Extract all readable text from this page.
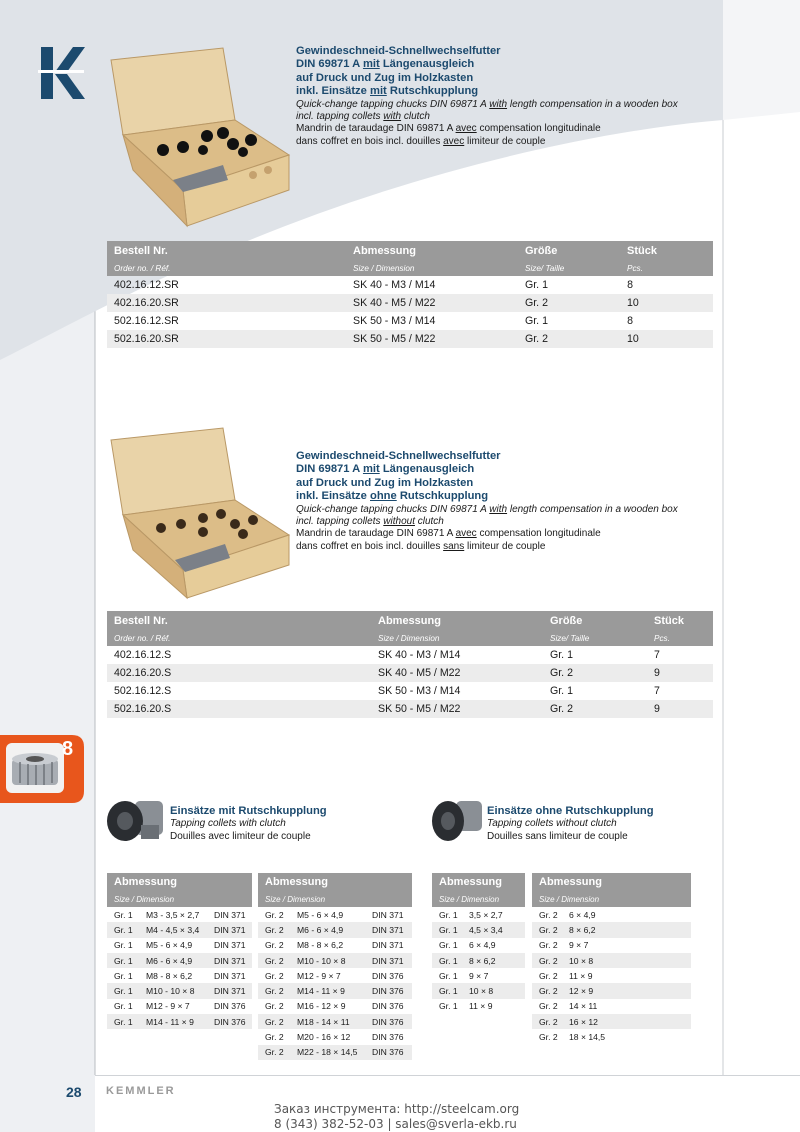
Gewindeschneid-Schnellwechselfutter
DIN 69871 A mit Längenausgleich
auf Druck und Zug im Holzkasten
inkl. Einsätze mit Rutschkupplung
Quick-change tapping chucks DIN 69871 A with length compensation in a wooden box
incl. tapping collets with clutch
Mandrin de taraudage DIN 69871 A avec compensation longitudinale
dans coffret en bois incl. douilles avec limiteur de couple
Bestell Nr.	Abmessung	Größe	Stück
Order no. / Réf.	Size / Dimension	Size/ Taille	Pcs.
402.16.12.SR	SK 40 - M3 / M14	Gr. 1	8
402.16.20.SR	SK 40 - M5 / M22	Gr. 2	10
502.16.12.SR	SK 50 - M3 / M14	Gr. 1	8
502.16.20.SR	SK 50 - M5 / M22	Gr. 2	10
Gewindeschneid-Schnellwechselfutter
DIN 69871 A mit Längenausgleich
auf Druck und Zug im Holzkasten
inkl. Einsätze ohne Rutschkupplung
Quick-change tapping chucks DIN 69871 A with length compensation in a wooden box
incl. tapping collets without clutch
Mandrin de taraudage DIN 69871 A avec compensation longitudinale
dans coffret en bois incl. douilles sans limiteur de couple
Bestell Nr.	Abmessung	Größe	Stück
Order no. / Réf.	Size / Dimension	Size/ Taille	Pcs.
402.16.12.S	SK 40 - M3 / M14	Gr. 1	7
402.16.20.S	SK 40 - M5 / M22	Gr. 2	9
502.16.12.S	SK 50 - M3 / M14	Gr. 1	7
502.16.20.S	SK 50 - M5 / M22	Gr. 2	9
8
Einsätze mit Rutschkupplung
Tapping collets with clutch
Douilles avec limiteur de couple
Einsätze ohne Rutschkupplung
Tapping collets without clutch
Douilles sans limiteur de couple
Abmessung		
Size / Dimension		
Gr. 1	M3 - 3,5 × 2,7	DIN 371
Gr. 1	M4 - 4,5 × 3,4	DIN 371
Gr. 1	M5 - 6 × 4,9	DIN 371
Gr. 1	M6 - 6 × 4,9	DIN 371
Gr. 1	M8 - 8 × 6,2	DIN 371
Gr. 1	M10 - 10 × 8	DIN 371
Gr. 1	M12 - 9 × 7	DIN 376
Gr. 1	M14 - 11 × 9	DIN 376
Abmessung		
Size / Dimension		
Gr. 2	M5 - 6 × 4,9	DIN 371
Gr. 2	M6 - 6 × 4,9	DIN 371
Gr. 2	M8 - 8 × 6,2	DIN 371
Gr. 2	M10 - 10 × 8	DIN 371
Gr. 2	M12 - 9 × 7	DIN 376
Gr. 2	M14 - 11 × 9	DIN 376
Gr. 2	M16 - 12 × 9	DIN 376
Gr. 2	M18 - 14 × 11	DIN 376
Gr. 2	M20 - 16 × 12	DIN 376
Gr. 2	M22 - 18 × 14,5	DIN 376
Abmessung	
Size / Dimension	
Gr. 1	3,5 × 2,7
Gr. 1	4,5 × 3,4
Gr. 1	6 × 4,9
Gr. 1	8 × 6,2
Gr. 1	9 × 7
Gr. 1	10 × 8
Gr. 1	11 × 9
Abmessung	
Size / Dimension	
Gr. 2	6 × 4,9
Gr. 2	8 × 6,2
Gr. 2	9 × 7
Gr. 2	10 × 8
Gr. 2	11 × 9
Gr. 2	12 × 9
Gr. 2	14 × 11
Gr. 2	16 × 12
Gr. 2	18 × 14,5
28 KEMMLER
Заказ инструмента: http://steelcam.org
8 (343) 382-52-03 | sales@sverla-ekb.ru
